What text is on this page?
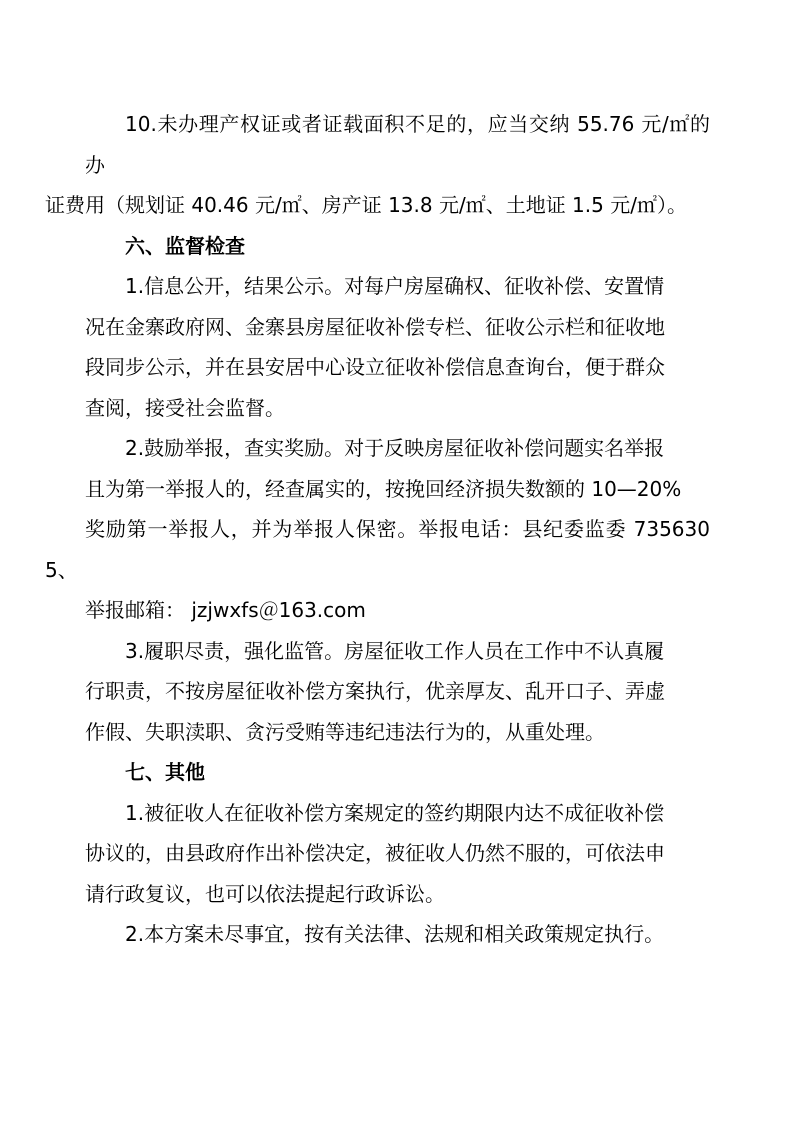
10.未办理产权证或者证载面积不足的，应当交纳 55.76 元/㎡的办
证费用（规划证 40.46 元/㎡、房产证 13.8 元/㎡、土地证 1.5 元/㎡）。

六、监督检查

1.信息公开，结果公示。对每户房屋确权、征收补偿、安置情
况在金寨政府网、金寨县房屋征收补偿专栏、征收公示栏和征收地
段同步公示，并在县安居中心设立征收补偿信息查询台，便于群众
查阅，接受社会监督。

2.鼓励举报，查实奖励。对于反映房屋征收补偿问题实名举报
且为第一举报人的，经查属实的，按挽回经济损失数额的 10—20%
奖励第一举报人，并为举报人保密。举报电话：县纪委监委 7356305、
举报邮箱： jzjwxfs＠163.com

3.履职尽责，强化监管。房屋征收工作人员在工作中不认真履
行职责，不按房屋征收补偿方案执行，优亲厚友、乱开口子、弄虚
作假、失职渎职、贪污受贿等违纪违法行为的，从重处理。

七、其他

1.被征收人在征收补偿方案规定的签约期限内达不成征收补偿
协议的，由县政府作出补偿决定，被征收人仍然不服的，可依法申
请行政复议，也可以依法提起行政诉讼。

2.本方案未尽事宜，按有关法律、法规和相关政策规定执行。
